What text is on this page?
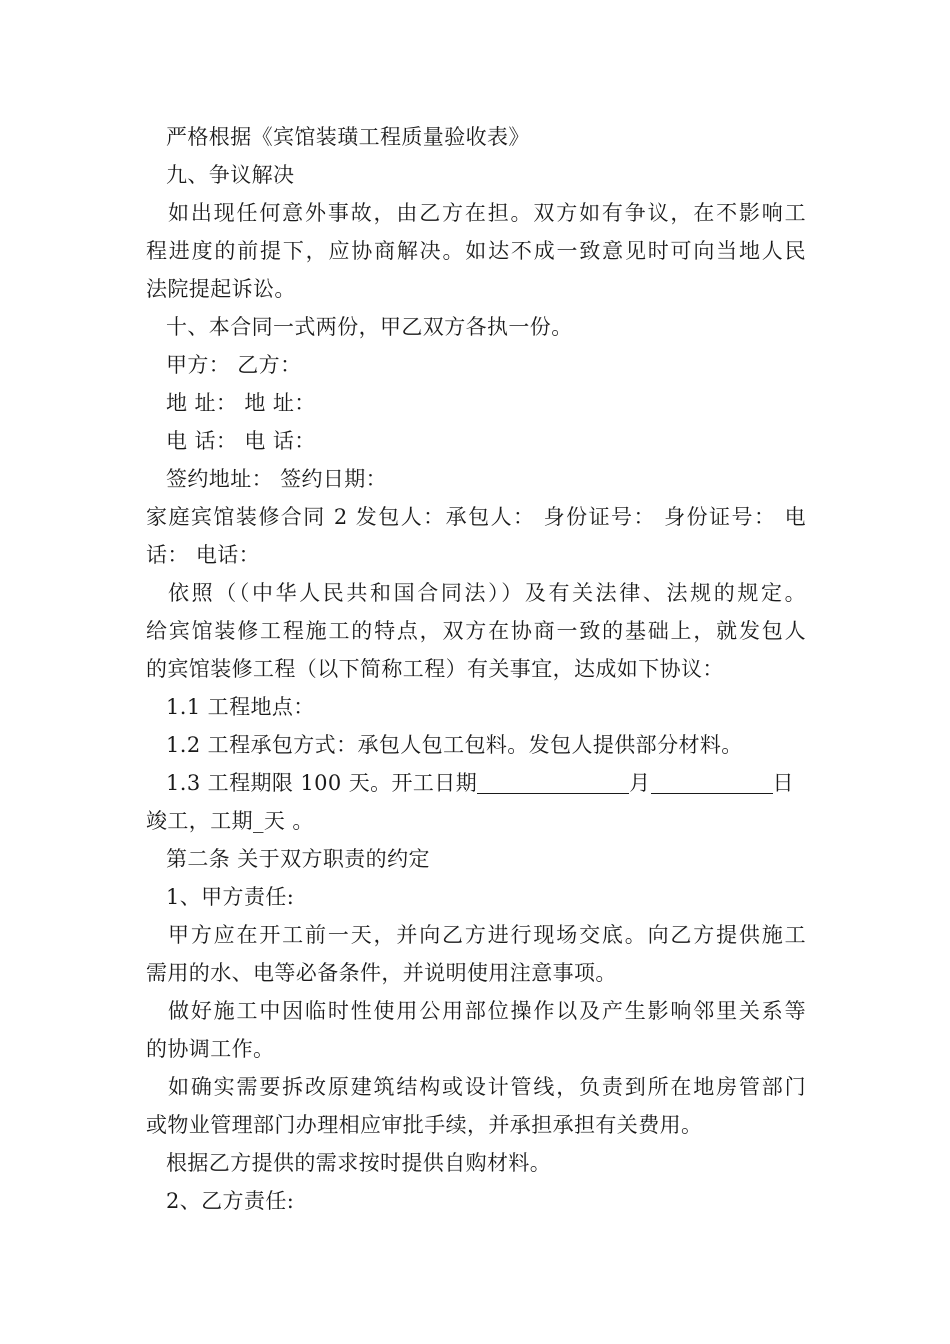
严格根据《宾馆装璜工程质量验收表》
九、争议解决
如出现任何意外事故，由乙方在担。双方如有争议，在不影响工
程进度的前提下，应协商解决。如达不成一致意见时可向当地人民
法院提起诉讼。
十、本合同一式两份，甲乙双方各执一份。
甲方： 乙方：
地 址： 地 址：
电 话： 电 话：
签约地址： 签约日期：
家庭宾馆装修合同 2 发包人：承包人： 身份证号： 身份证号： 电
话： 电话：
依照（（中华人民共和国合同法））及有关法律、法规的规定。
给宾馆装修工程施工的特点，双方在协商一致的基础上，就发包人
的宾馆装修工程（以下简称工程）有关事宜，达成如下协议：
1.1 工程地点：
1.2 工程承包方式：承包人包工包料。发包人提供部分材料。
1.3 工程期限 100 天。开工日期	月	日
竣工，工期_天 。
第二条 关于双方职责的约定
1、甲方责任:
甲方应在开工前一天，并向乙方进行现场交底。向乙方提供施工
需用的水、电等必备条件，并说明使用注意事项。
做好施工中因临时性使用公用部位操作以及产生影响邻里关系等
的协调工作。
如确实需要拆改原建筑结构或设计管线，负责到所在地房管部门
或物业管理部门办理相应审批手续，并承担承担有关费用。
根据乙方提供的需求按时提供自购材料。
2、乙方责任:
